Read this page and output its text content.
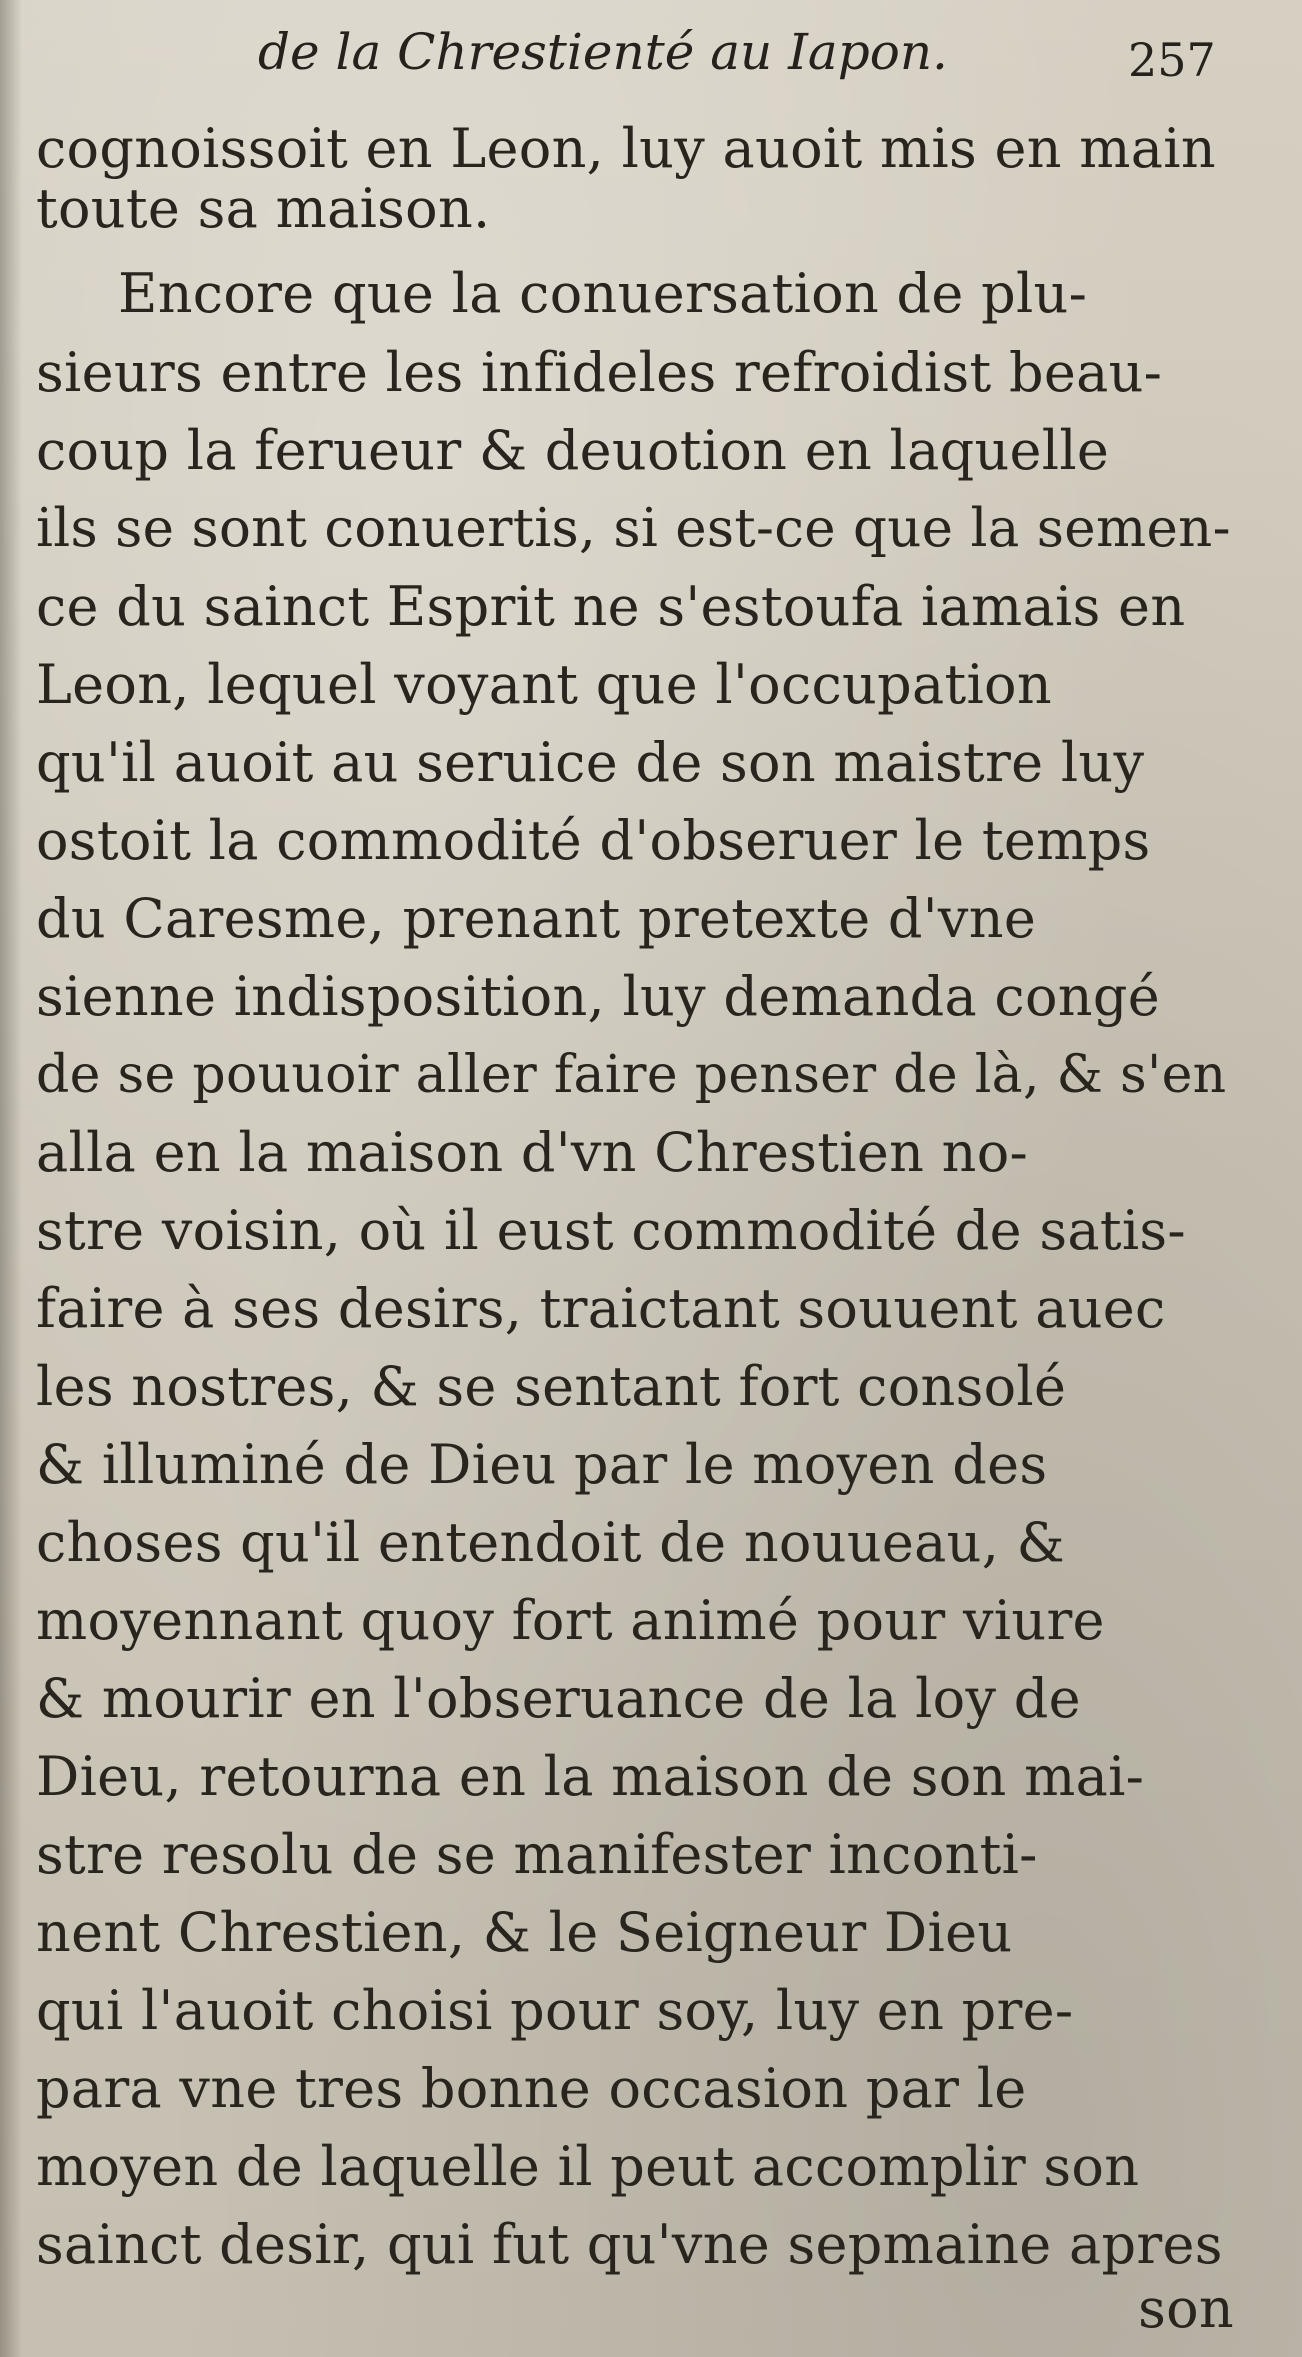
de la Chrestienté au Iapon.	257
cognoissoit en Leon, luy auoit mis en main
toute sa maison.
Encore que la conuersation de plu-
sieurs entre les infideles refroidist beau-
coup la ferueur & deuotion en laquelle
ils se sont conuertis, si est-ce que la semen-
ce du sainct Esprit ne s'estoufa iamais en
Leon, lequel voyant que l'occupation
qu'il auoit au seruice de son maistre luy
ostoit la commodité d'obseruer le temps
du Caresme, prenant pretexte d'vne
sienne indisposition, luy demanda congé
de se pouuoir aller faire penser de là, & s'en
alla en la maison d'vn Chrestien no-
stre voisin, où il eust commodité de satis-
faire à ses desirs, traictant souuent auec
les nostres, & se sentant fort consolé
& illuminé de Dieu par le moyen des
choses qu'il entendoit de nouueau, &
moyennant quoy fort animé pour viure
& mourir en l'obseruance de la loy de
Dieu, retourna en la maison de son mai-
stre resolu de se manifester inconti-
nent Chrestien, & le Seigneur Dieu
qui l'auoit choisi pour soy, luy en pre-
para vne tres bonne occasion par le
moyen de laquelle il peut accomplir son
sainct desir, qui fut qu'vne sepmaine apres
son
